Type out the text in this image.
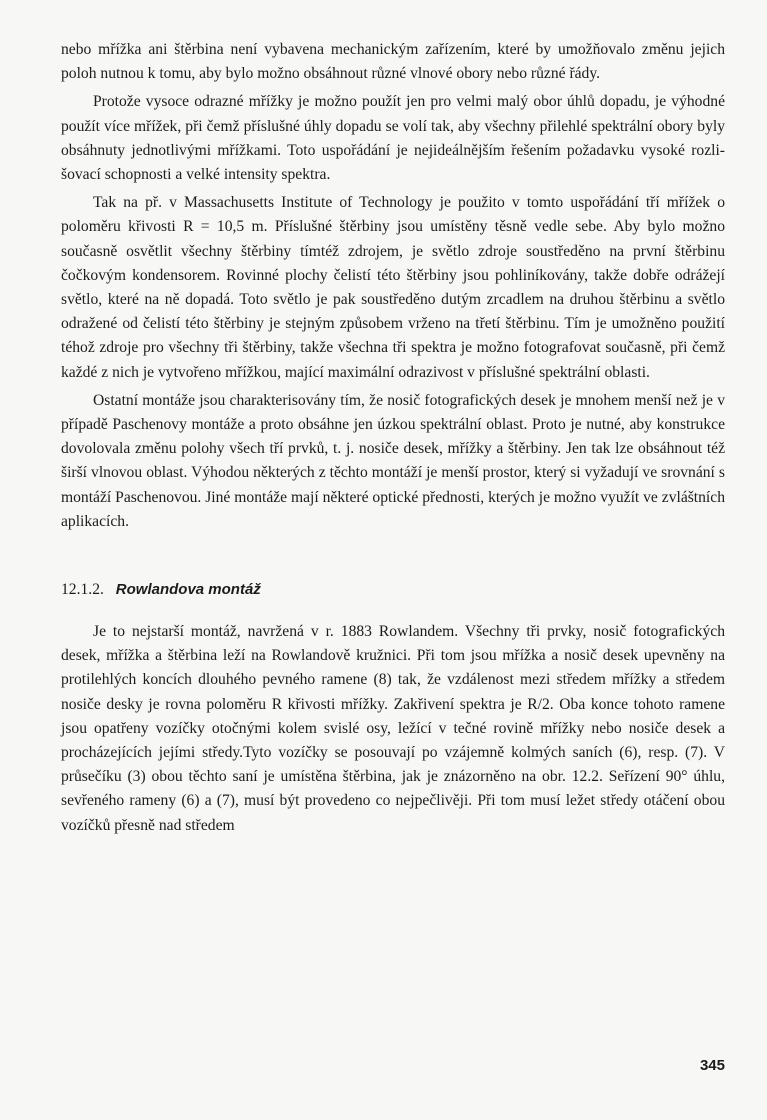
nebo mřížka ani štěrbina není vybavena mechanickým zařízením, které by umožňovalo změnu jejich poloh nutnou k tomu, aby bylo možno obsáhnout různé vlnové obory nebo různé řády.

Protože vysoce odrazné mřížky je možno použít jen pro velmi malý obor úhlů dopadu, je výhodné použít více mřížek, při čemž příslušné úhly dopadu se volí tak, aby všechny přilehlé spektrální obory byly obsáhnuty jednotlivými mřížkami. Toto uspořádání je nejideálnějším řešením požadavku vysoké rozlišovací schopnosti a velké intensity spektra.

Tak na př. v Massachusetts Institute of Technology je použito v tomto uspořádání tří mřížek o poloměru křivosti R = 10,5 m. Příslušné štěrbiny jsou umístěny těsně vedle sebe. Aby bylo možno současně osvětlit všechny štěrbiny tímtéž zdrojem, je světlo zdroje soustředěno na první štěrbinu čočkovým kondensorem. Rovinné plochy čelistí této štěrbiny jsou pohliníkovány, takže dobře odrážejí světlo, které na ně dopadá. Toto světlo je pak soustředěno dutým zrcadlem na druhou štěrbinu a světlo odražené od čelistí této štěrbiny je stejným způsobem vrženo na třetí štěrbinu. Tím je umožněno použití téhož zdroje pro všechny tři štěrbiny, takže všechna tři spektra je možno fotografovat současně, při čemž každé z nich je vytvořeno mřížkou, mající maximální odrazivost v příslušné spektrální oblasti.

Ostatní montáže jsou charakterisovány tím, že nosič fotografických desek je mnohem menší než je v případě Paschenovy montáže a proto obsáhne jen úzkou spektrální oblast. Proto je nutné, aby konstrukce dovolovala změnu polohy všech tří prvků, t. j. nosiče desek, mřížky a štěrbiny. Jen tak lze obsáhnout též širší vlnovou oblast. Výhodou některých z těchto montáží je menší prostor, který si vyžadují ve srovnání s montáží Paschenovou. Jiné montáže mají některé optické přednosti, kterých je možno využít ve zvláštních aplikacích.

12.1.2. Rowlandova montáž

Je to nejstarší montáž, navržená v r. 1883 Rowlandem. Všechny tři prvky, nosič fotografických desek, mřížka a štěrbina leží na Rowlandově kružnici. Při tom jsou mřížka a nosič desek upevněny na protilehlých koncích dlouhého pevného ramene (8) tak, že vzdálenost mezi středem mřížky a středem nosiče desky je rovna poloměru R křivosti mřížky. Zakřivení spektra je R/2. Oba konce tohoto ramene jsou opatřeny vozíčky otočnými kolem svislé osy, ležící v tečné rovině mřížky nebo nosiče desek a procházejících jejími středy.Tyto vozíčky se posouvají po vzájemně kolmých saních (6), resp. (7). V průsečíku (3) obou těchto saní je umístěna štěrbina, jak je znázorněno na obr. 12.2. Seřízení 90° úhlu, sevřeného rameny (6) a (7), musí být provedeno co nejpečlivěji. Při tom musí ležet středy otáčení obou vozíčků přesně nad středem

345
